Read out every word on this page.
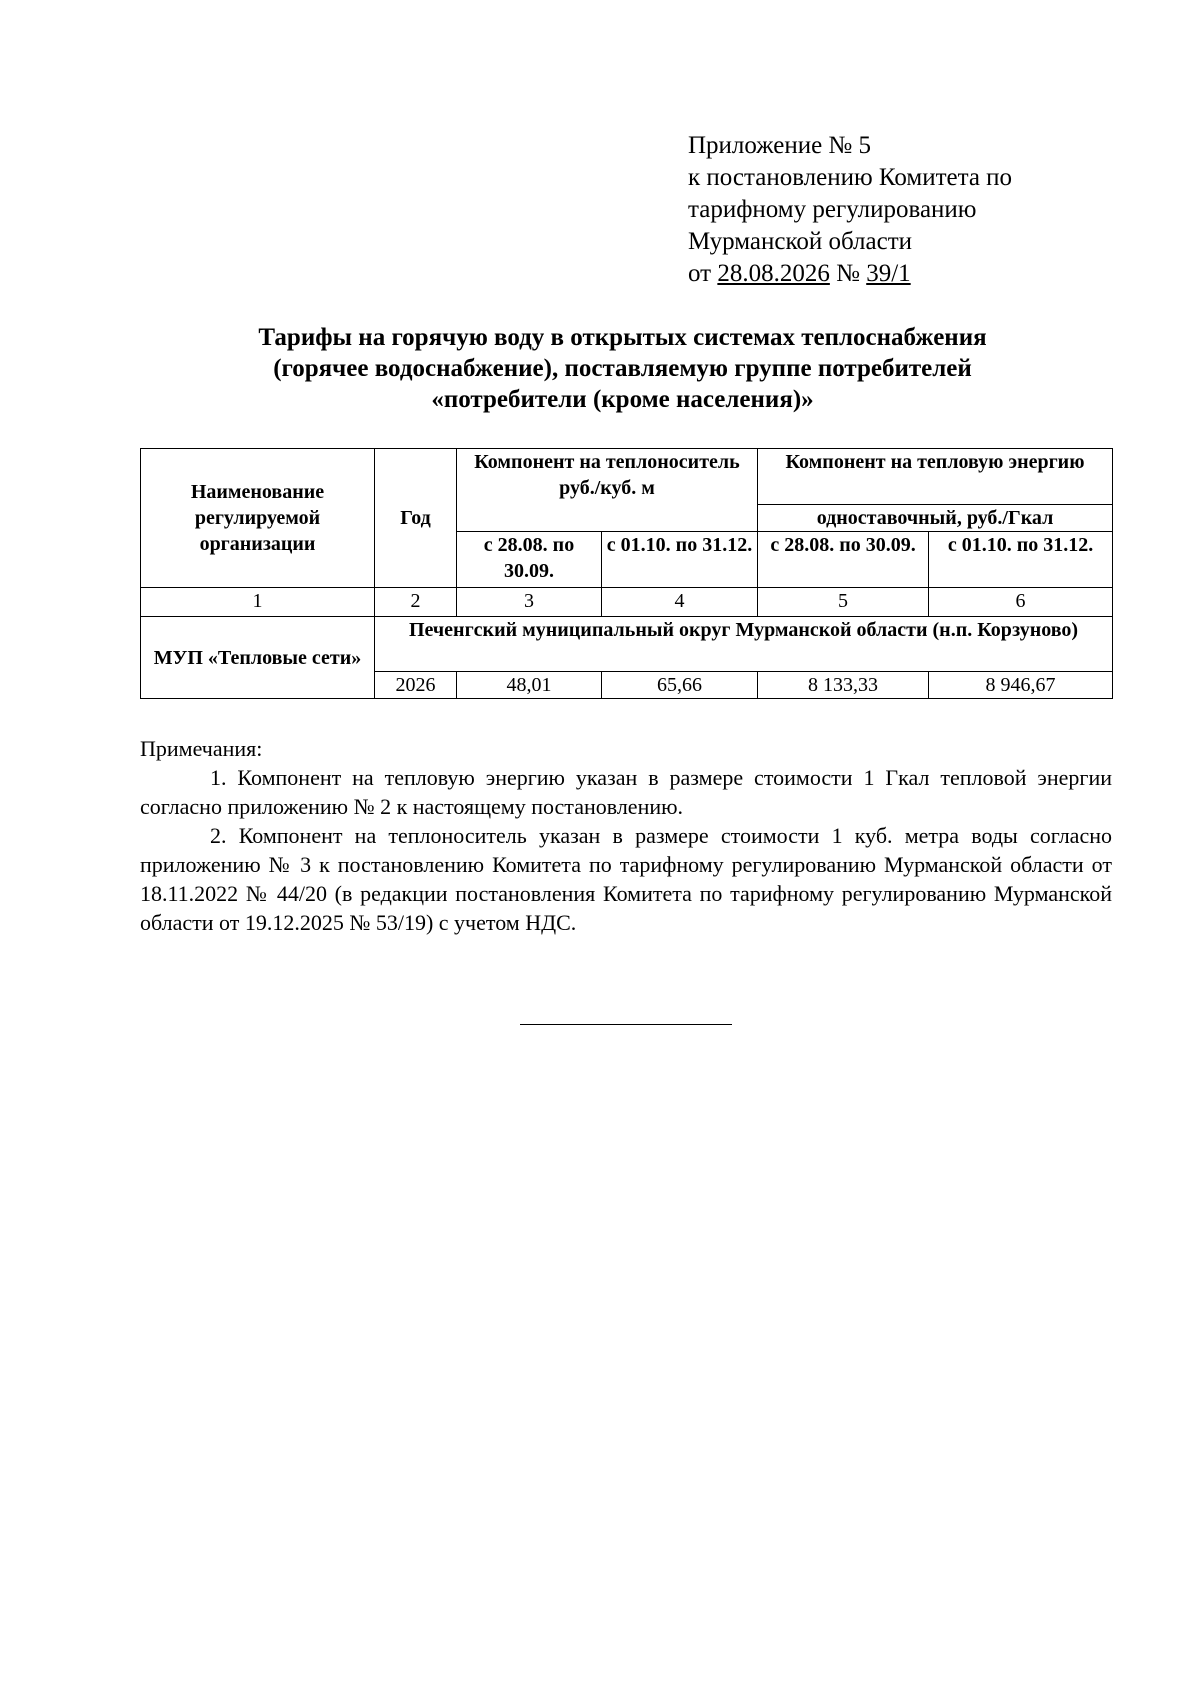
Приложение № 5
к постановлению Комитета по
тарифному регулированию
Мурманской области
от 28.08.2026 № 39/1
Тарифы на горячую воду в открытых системах теплоснабжения
(горячее водоснабжение), поставляемую группе потребителей
«потребители (кроме населения)»
Наименование регулируемой организации	Год	Компонент на теплоноситель руб./куб. м		Компонент на тепловую энергию	
				одноставочный, руб./Гкал	
		с 28.08. по 30.09.	с 01.10. по 31.12.	с 28.08. по 30.09.	с 01.10. по 31.12.
1	2	3	4	5	6
МУП «Тепловые сети»	Печенгский муниципальный округ Мурманской области (н.п. Корзуново)				
	2026	48,01	65,66	8 133,33	8 946,67

Примечания:

1. Компонент на тепловую энергию указан в размере стоимости 1 Гкал тепловой энергии согласно приложению № 2 к настоящему постановлению.

2. Компонент на теплоноситель указан в размере стоимости 1 куб. метра воды согласно приложению № 3 к постановлению Комитета по тарифному регулированию Мурманской области от 18.11.2022 № 44/20 (в редакции постановления Комитета по тарифному регулированию Мурманской области от 19.12.2025 № 53/19) с учетом НДС.
